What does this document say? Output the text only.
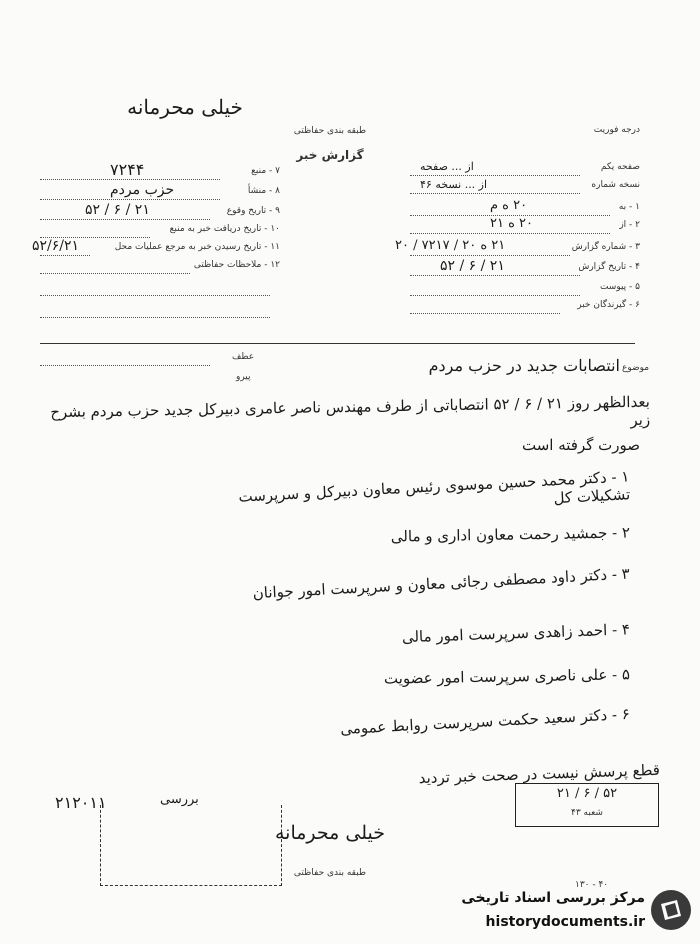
خیلی محرمانه
طبقه بندی حفاظتی
گزارش خبر
درجه فوریت
۷ - منبع
۷۲۴۴
۸ - منشأ
حزب مردم
۹ - تاریخ وقوع
۵۲ / ۶ / ۲۱
۱۰ - تاریخ دریافت خبر به منبع
۱۱ - تاریخ رسیدن خبر به مرجع عملیات محل
۵۲/۶/۲۱
۱۲ - ملاحظات حفاظتی
صفحه یکم
از ... صفحه
نسخه شماره
از ... نسخه ۴۶
۱ - به
۲۰ ه م
۲ - از
۲۰ ه ۲۱
۳ - شماره گزارش
۲۱ ه ۲۰ / ۷۲۱۷ / ۲۰
۴ - تاریخ گزارش
۵۲ / ۶ / ۲۱
۵ - پیوست
۶ - گیرندگان خبر
عطف
پیرو
موضوع
انتصابات جدید در حزب مردم
بعدالظهر روز ۲۱ / ۶ / ۵۲ انتصاباتی از طرف مهندس ناصر عامری دبیرکل جدید حزب مردم بشرح زیر
صورت گرفته است
۱ - دکتر محمد حسین موسوی رئیس معاون دبیرکل و سرپرست تشکیلات کل
۲ - جمشید رحمت معاون اداری و مالی
۳ - دکتر داود مصطفی رجائی معاون و سرپرست امور جوانان
۴ - احمد زاهدی سرپرست امور مالی
۵ - علی ناصری سرپرست امور عضویت
۶ - دکتر سعید حکمت سرپرست روابط عمومی
قطع پرسش نیست در صحت خبر تردید
۲۱ / ۶ / ۵۲
شعبه ۴۳
۲۱۲۰۱۱	بررسی
خیلی محرمانه
طبقه بندی حفاظتی
۱۳۰ - ۴۰
مرکز بررسی اسناد تاریخی
historydocuments.ir
